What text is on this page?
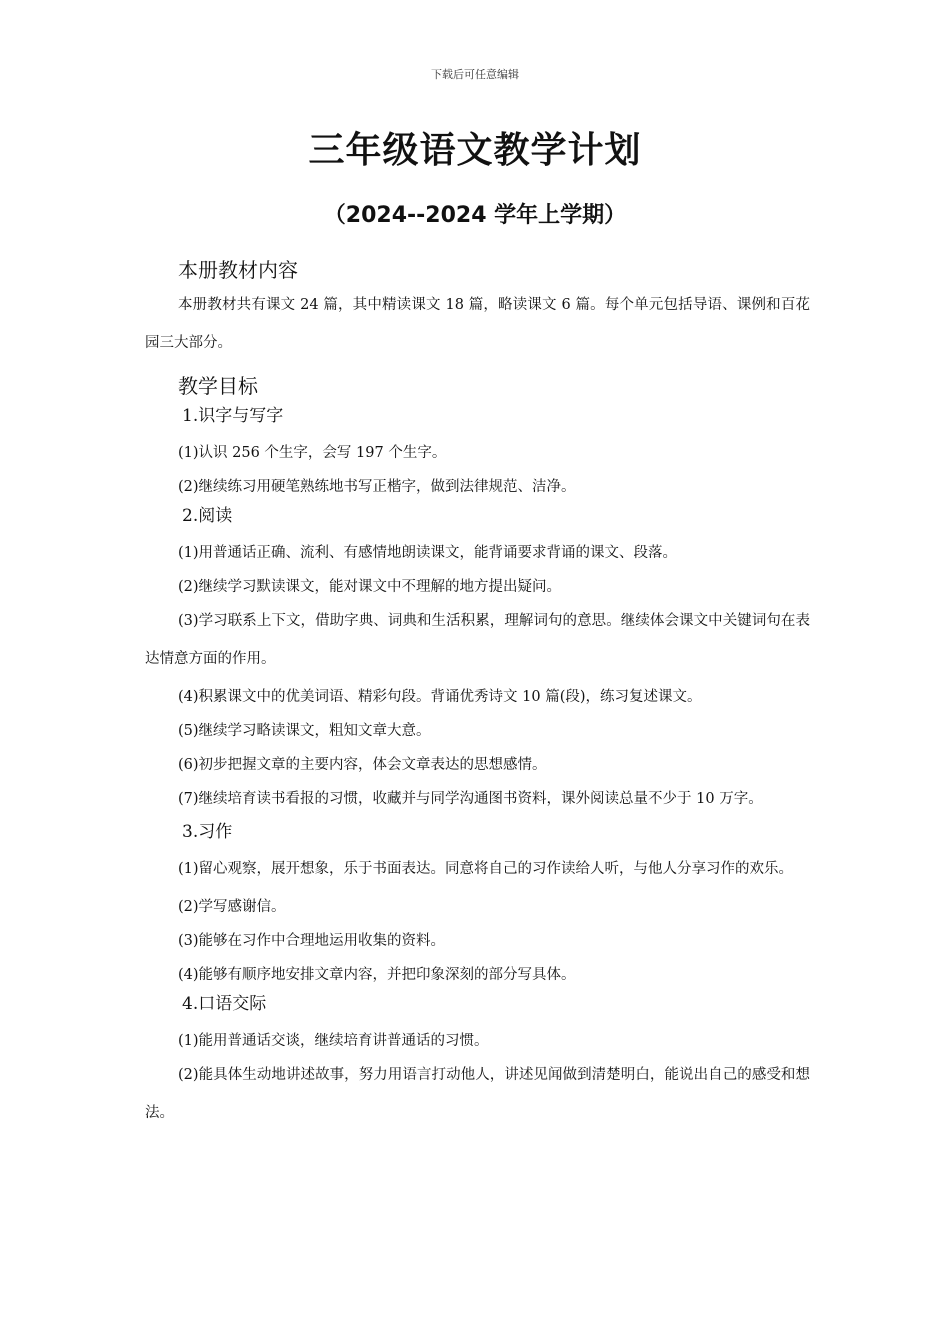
下载后可任意编辑
三年级语文教学计划
（2024--2024 学年上学期）
本册教材内容

本册教材共有课文 24 篇，其中精读课文 18 篇，略读课文 6 篇。每个单元包括导语、课例和百花园三大部分。

教学目标
1.识字与写字

(1)认识 256 个生字，会写 197 个生字。

(2)继续练习用硬笔熟练地书写正楷字，做到法律规范、洁净。

2.阅读

(1)用普通话正确、流利、有感情地朗读课文，能背诵要求背诵的课文、段落。

(2)继续学习默读课文，能对课文中不理解的地方提出疑问。

(3)学习联系上下文，借助字典、词典和生活积累，理解词句的意思。继续体会课文中关键词句在表达情意方面的作用。

(4)积累课文中的优美词语、精彩句段。背诵优秀诗文 10 篇(段)，练习复述课文。

(5)继续学习略读课文，粗知文章大意。

(6)初步把握文章的主要内容，体会文章表达的思想感情。

(7)继续培育读书看报的习惯，收藏并与同学沟通图书资料，课外阅读总量不少于 10 万字。

3.习作

(1)留心观察，展开想象，乐于书面表达。同意将自己的习作读给人听，与他人分享习作的欢乐。

(2)学写感谢信。

(3)能够在习作中合理地运用收集的资料。

(4)能够有顺序地安排文章内容，并把印象深刻的部分写具体。

4.口语交际

(1)能用普通话交谈，继续培育讲普通话的习惯。

(2)能具体生动地讲述故事，努力用语言打动他人，讲述见闻做到清楚明白，能说出自己的感受和想法。
